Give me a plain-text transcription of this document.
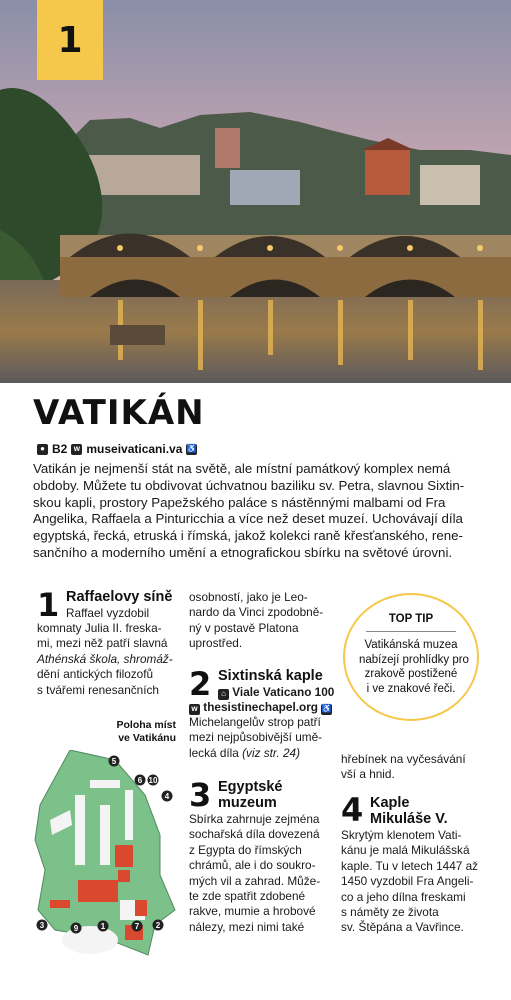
1
VATIKÁN
● B2 w museivaticani.va ♿

Vatikán je nejmenší stát na světě, ale místní památkový komplex nemá

obdoby. Můžete tu obdivovat úchvatnou baziliku sv. Petra, slavnou Sixtin-

skou kapli, prostory Papežského paláce s nástěnnými malbami od Fra

Angelika, Raffaela a Pinturicchia a více než deset muzeí. Uchovávají díla

egyptská, řecká, etruská i římská, jakož kolekci raně křesťanského, rene-

sančního a moderního umění a etnografickou sbírku na světové úrovni.

1 Raffaelovy síně

Raffael vyzdobil

komnaty Julia II. freska-

mi, mezi něž patří slavná

Athénská škola, shromáž-

dění antických filozofů

s tvářemi renesančních

osobností, jako je Leo-

nardo da Vinci zpodobně-

ný v postavě Platona

uprostřed.

TOP TIP

Vatikánská muzea

nabízejí prohlídky pro

zrakově postižené

i ve znakové řeči.

2 Sixtinská kaple

⌂ Viale Vaticano 100

w thesistinechapel.org ♿

Michelangelův strop patří

mezi nejpůsobivější umě-

lecká díla (viz str. 24)

3 Egyptské
muzeum

Sbírka zahrnuje zejména

sochařská díla dovezená

z Egypta do římských

chrámů, ale i do soukro-

mých vil a zahrad. Může-

te zde spatřit zdobené

rakve, mumie a hrobové

nálezy, mezi nimi také

hřebínek na vyčesávání

vší a hnid.

4 Kaple
Mikuláše V.

Skrytým klenotem Vati-

kánu je malá Mikulášská

kaple. Tu v letech 1447 až

1450 vyzdobil Fra Angeli-

co a jeho dílna freskami

s náměty ze života

sv. Štěpána a Vavřince.

Poloha míst

ve Vatikánu

5
6 10
4
3	9	1	7 2
